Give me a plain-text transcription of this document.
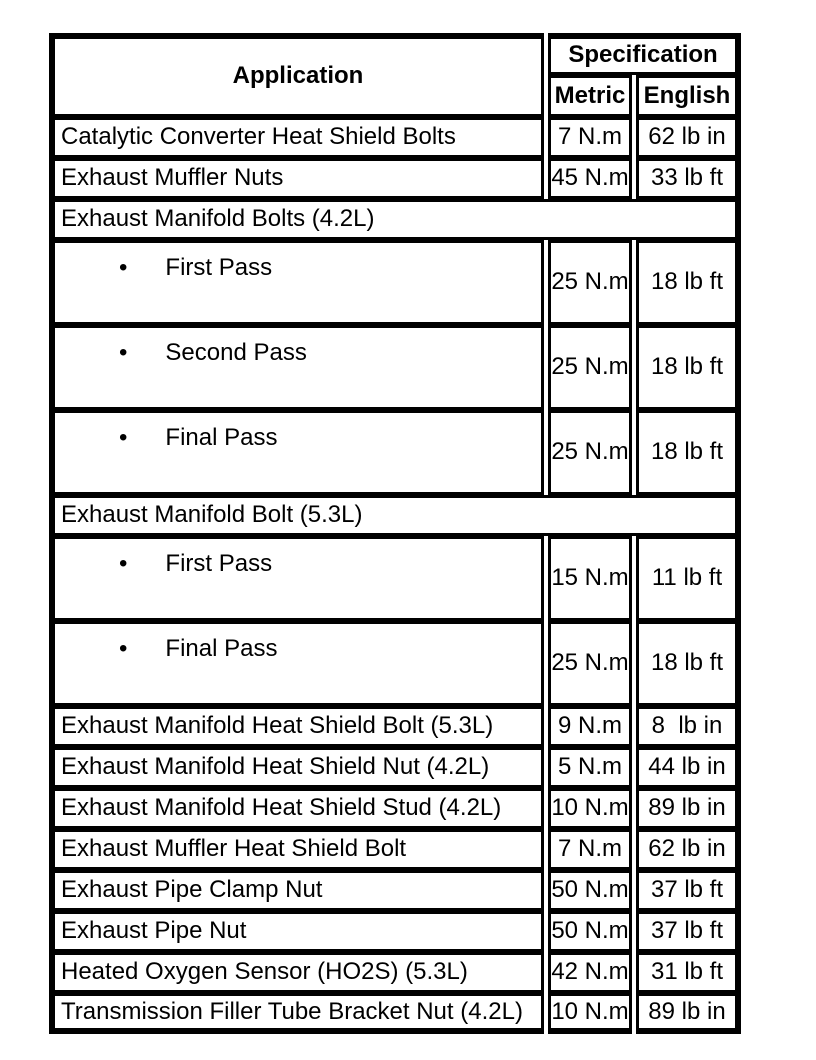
Application	Specification	
	Metric	English
Catalytic Converter Heat Shield Bolts	7 N.m	62 lb in
Exhaust Muffler Nuts	45 N.m	33 lb ft
Exhaust Manifold Bolts (4.2L)		
• First Pass	25 N.m	18 lb ft
• Second Pass	25 N.m	18 lb ft
• Final Pass	25 N.m	18 lb ft
Exhaust Manifold Bolt (5.3L)		
• First Pass	15 N.m	11 lb ft
• Final Pass	25 N.m	18 lb ft
Exhaust Manifold Heat Shield Bolt (5.3L)	9 N.m	8  lb in
Exhaust Manifold Heat Shield Nut (4.2L)	5 N.m	44 lb in
Exhaust Manifold Heat Shield Stud (4.2L)	10 N.m	89 lb in
Exhaust Muffler Heat Shield Bolt	7 N.m	62 lb in
Exhaust Pipe Clamp Nut	50 N.m	37 lb ft
Exhaust Pipe Nut	50 N.m	37 lb ft
Heated Oxygen Sensor (HO2S) (5.3L)	42 N.m	31 lb ft
Transmission Filler Tube Bracket Nut (4.2L)	10 N.m	89 lb in
